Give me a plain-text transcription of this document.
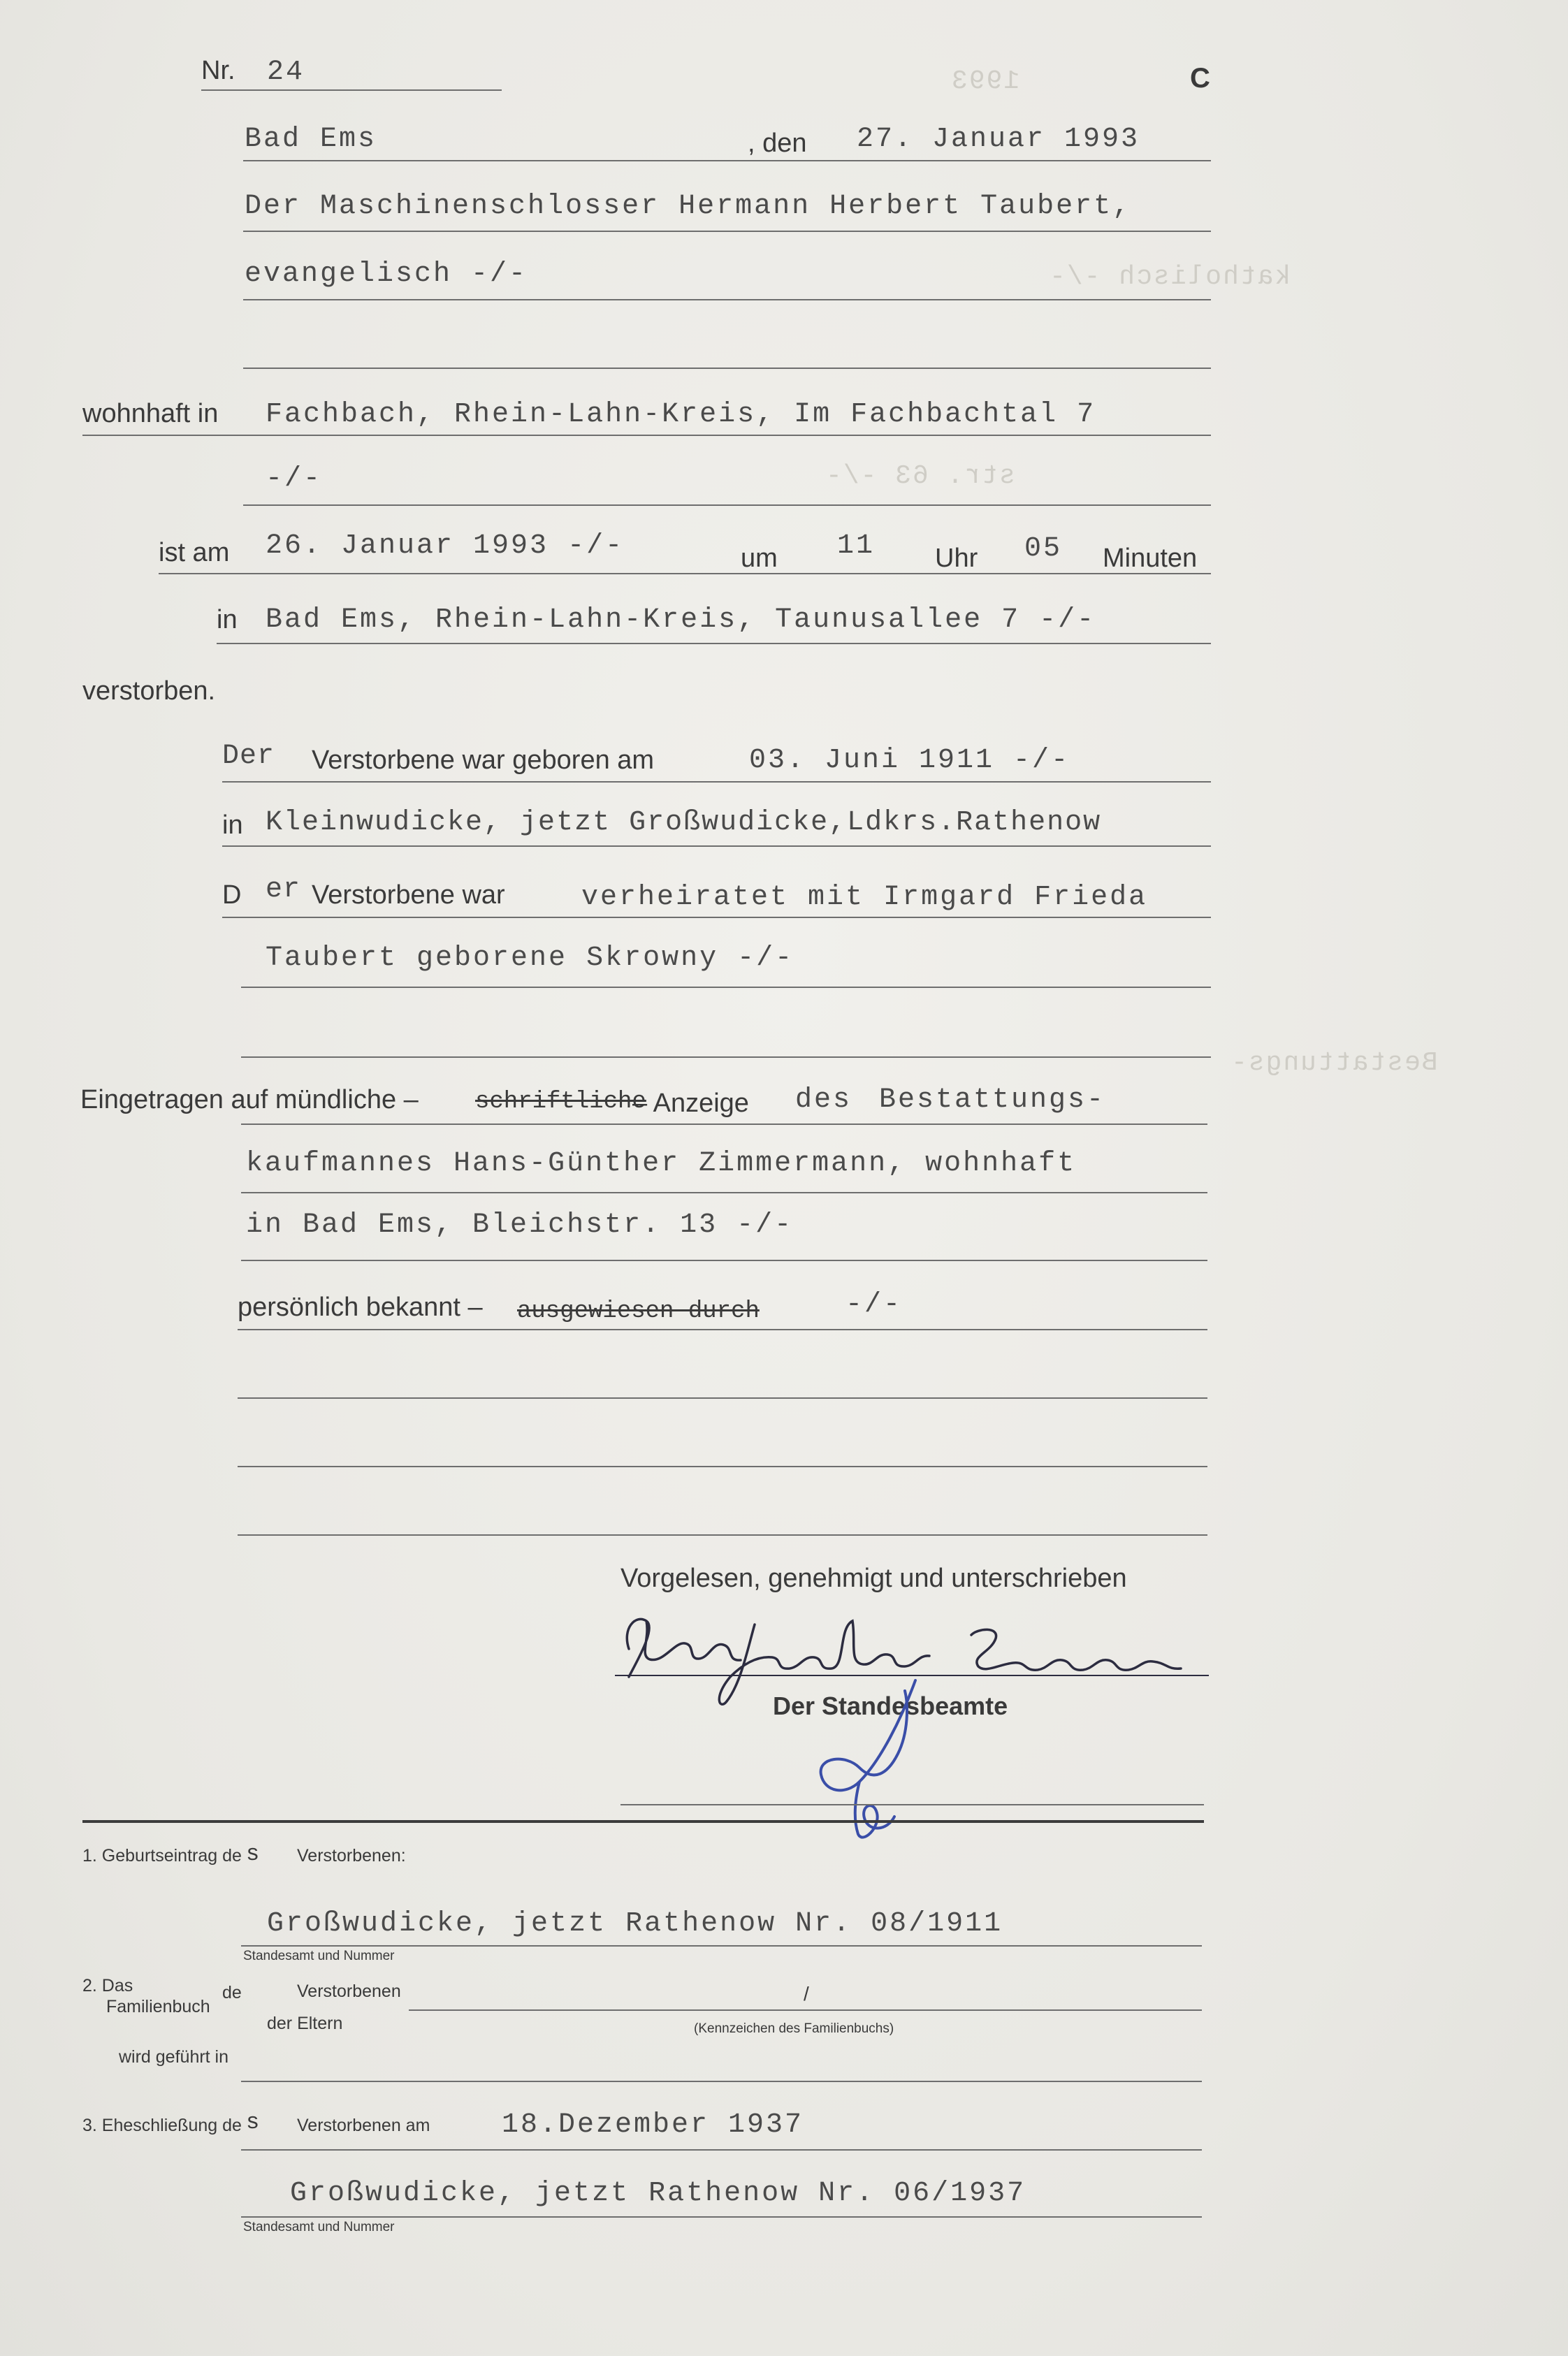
1993
katholisch -/-
str. 63 -/-
Bestattungs-
Nr. 24	C
Bad Ems	, den 27. Januar 1993
Der Maschinenschlosser Hermann Herbert Taubert,
evangelisch -/-
wohnhaft in Fachbach, Rhein-Lahn-Kreis, Im Fachbachtal 7
-/-
ist am 26. Januar 1993 -/-	um 11 Uhr 05 Minuten
in Bad Ems, Rhein-Lahn-Kreis, Taunusallee 7 -/-
verstorben.
Der Verstorbene war geboren am	03. Juni 1911 -/-
in Kleinwudicke, jetzt Großwudicke,Ldkrs.Rathenow
D er Verstorbene war	verheiratet mit Irmgard Frieda
Taubert geborene Skrowny -/-
Eingetragen auf mündliche – schriftliche
– Anzeige des Bestattungs-
kaufmannes Hans-Günther Zimmermann, wohnhaft
in Bad Ems, Bleichstr. 13 -/-
persönlich bekannt – ausgewiesen durch	-/-
Vorgelesen, genehmigt und unterschrieben
Der Standesbeamte
1. Geburtseintrag de s Verstorbenen:
Großwudicke, jetzt Rathenow Nr. 08/1911
Standesamt und Nummer
2. Das
Familienbuch
de	Verstorbenen
der Eltern
/
(Kennzeichen des Familienbuchs)
wird geführt in
3. Eheschließung de s Verstorbenen am	18.Dezember 1937
Großwudicke, jetzt Rathenow Nr. 06/1937
Standesamt und Nummer
